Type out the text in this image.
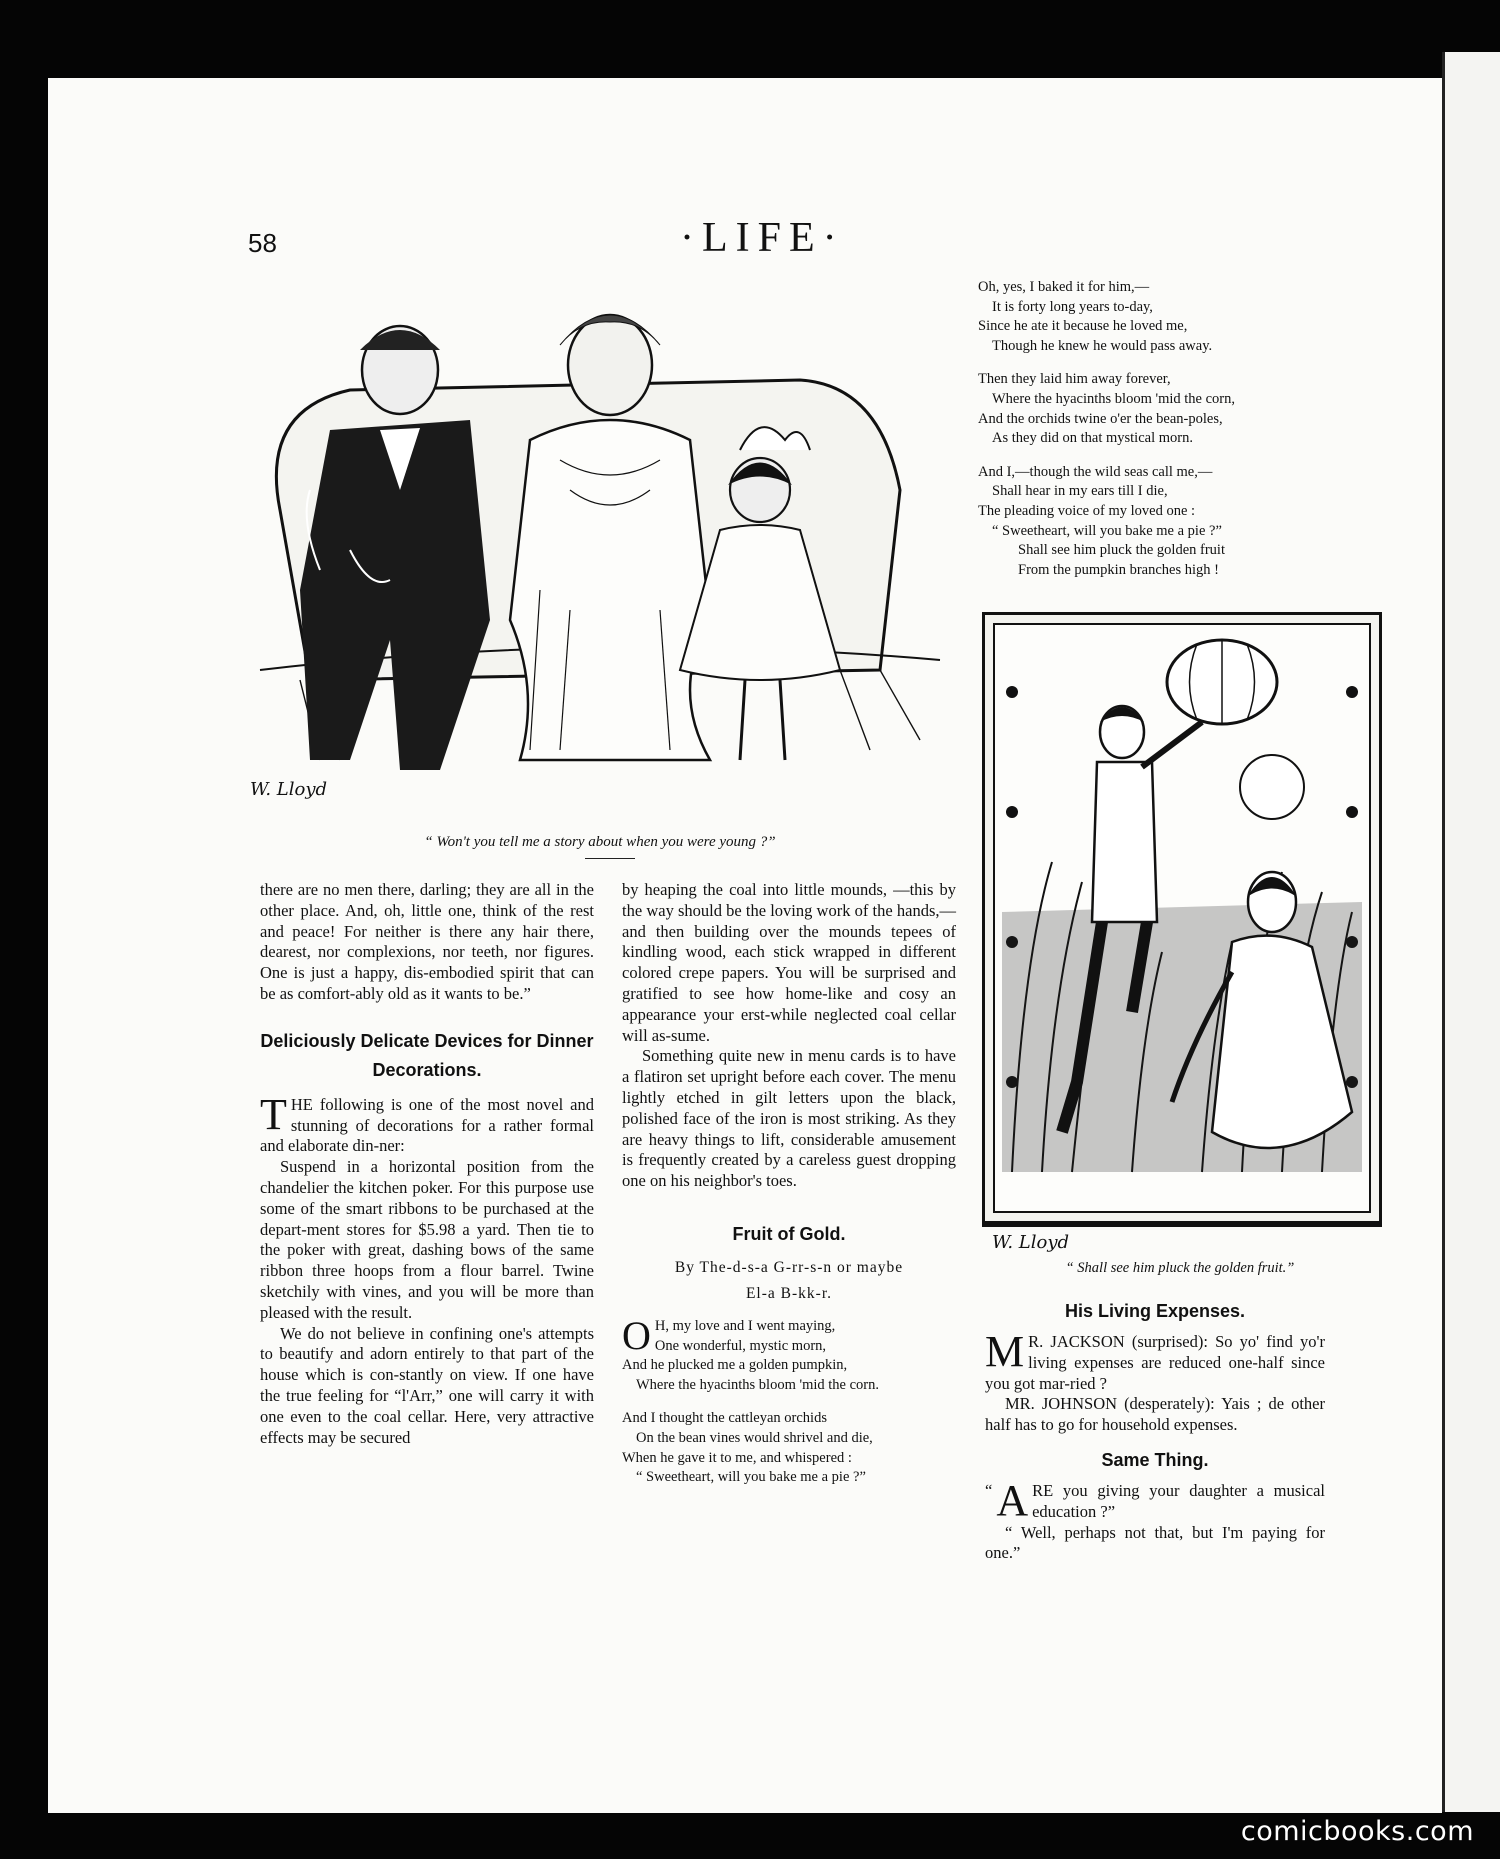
58	·LIFE·
W. Lloyd
“ Won't you tell me a story about when you were young ?”

there are no men there, darling; they are all in the other place. And, oh, little one, think of the rest and peace! For neither is there any hair there, dearest, nor complexions, nor teeth, nor figures. One is just a happy, dis-embodied spirit that can be as comfort-ably old as it wants to be.”

Deliciously Delicate Devices for Dinner Decorations.

THE following is one of the most novel and stunning of decorations for a rather formal and elaborate din-ner:

Suspend in a horizontal position from the chandelier the kitchen poker. For this purpose use some of the smart ribbons to be purchased at the depart-ment stores for $5.98 a yard. Then tie to the poker with great, dashing bows of the same ribbon three hoops from a flour barrel. Twine sketchily with vines, and you will be more than pleased with the result.

We do not believe in confining one's attempts to beautify and adorn entirely to that part of the house which is con-stantly on view. If one have the true feeling for “l'Arr,” one will carry it with one even to the coal cellar. Here, very attractive effects may be secured

by heaping the coal into little mounds, —this by the way should be the loving work of the hands,—and then building over the mounds tepees of kindling wood, each stick wrapped in different colored crepe papers. You will be surprised and gratified to see how home-like and cosy an appearance your erst-while neglected coal cellar will as-sume.

Something quite new in menu cards is to have a flatiron set upright before each cover. The menu lightly etched in gilt letters upon the black, polished face of the iron is most striking. As they are heavy things to lift, considerable amusement is frequently created by a careless guest dropping one on his neighbor's toes.

Fruit of Gold.
By The-d-s-a G-rr-s-n or maybe
El-a B-kk-r.
O H, my love and I went maying,
One wonderful, mystic morn,
And he plucked me a golden pumpkin,
Where the hyacinths bloom 'mid the corn.
And I thought the cattleyan orchids
On the bean vines would shrivel and die,
When he gave it to me, and whispered :
“ Sweetheart, will you bake me a pie ?”
Oh, yes, I baked it for him,—
It is forty long years to-day,
Since he ate it because he loved me,
Though he knew he would pass away.
Then they laid him away forever,
Where the hyacinths bloom 'mid the corn,
And the orchids twine o'er the bean-poles,
As they did on that mystical morn.
And I,—though the wild seas call me,—
Shall hear in my ears till I die,
The pleading voice of my loved one :
“ Sweetheart, will you bake me a pie ?”
Shall see him pluck the golden fruit
From the pumpkin branches high !
W. Lloyd
“ Shall see him pluck the golden fruit.”
His Living Expenses.

M R. JACKSON (surprised): So yo' find yo'r living expenses are reduced one-half since you got mar-ried ?

MR. JOHNSON (desperately): Yais ; de other half has to go for household expenses.

Same Thing.

“ A RE you giving your daughter a musical education ?”

“ Well, perhaps not that, but I'm paying for one.”

comicbooks.com
